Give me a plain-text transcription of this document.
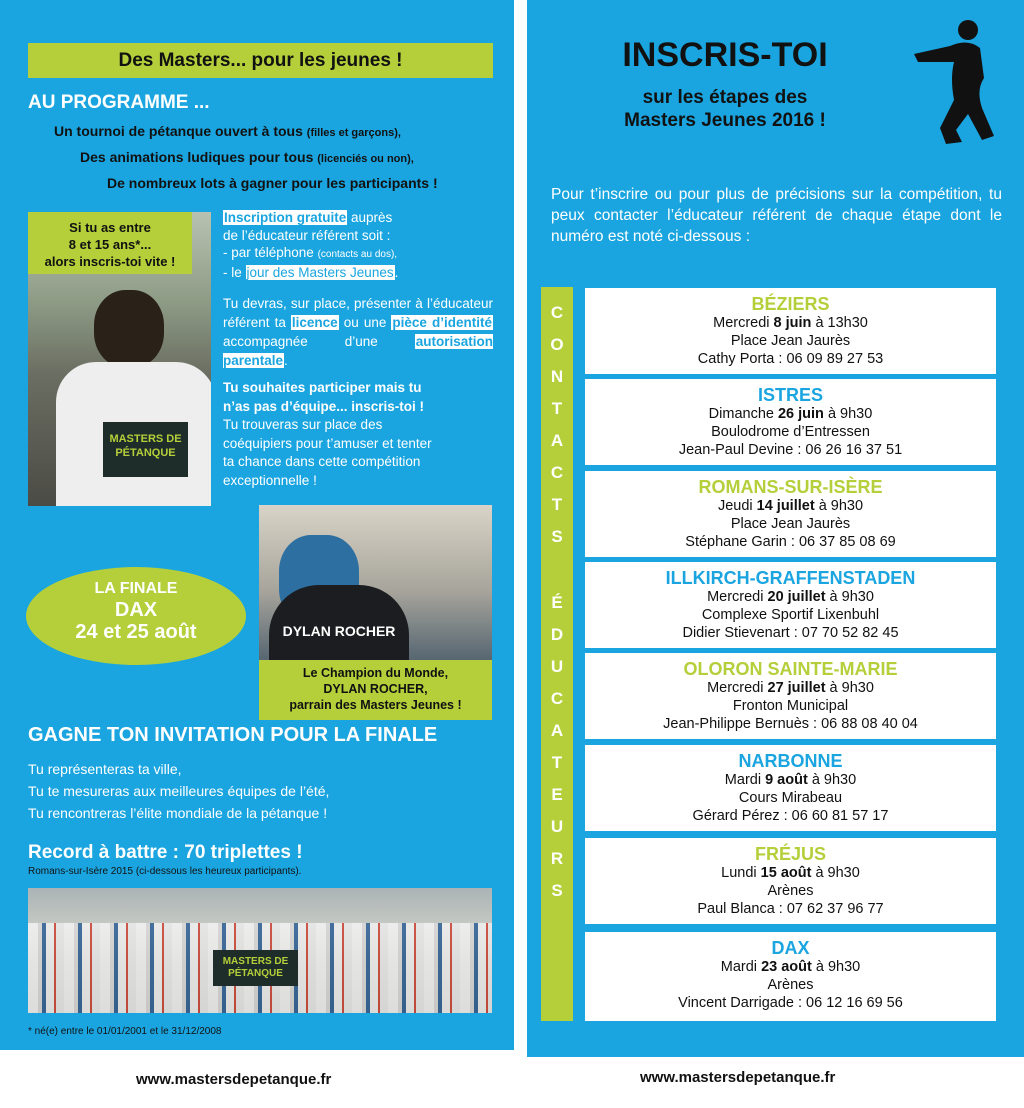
Des Masters... pour les jeunes !
AU PROGRAMME ...
Un tournoi de pétanque ouvert à tous (filles et garçons),
Des animations ludiques pour tous (licenciés ou non),
De nombreux lots à gagner pour les participants !
MASTERS DE PÉTANQUE
Si tu as entre
8 et 15 ans*...
alors inscris-toi vite !
Inscription gratuite auprès
de l’éducateur référent soit :
- par téléphone (contacts au dos),
- le jour des Masters Jeunes.
Tu devras, sur place, présenter à l’éducateur référent ta licence ou une pièce d’identité accompagnée d’une autorisation parentale.
Tu souhaites participer mais tu n’as pas d’équipe... inscris-toi ! Tu trouveras sur place des coéquipiers pour t’amuser et tenter ta chance dans cette compétition exceptionnelle !
LA FINALE
DAX
24 et 25 août	DYLAN ROCHER
Le Champion du Monde,
DYLAN ROCHER,
parrain des Masters Jeunes !
GAGNE TON INVITATION POUR LA FINALE
Tu représenteras ta ville,
Tu te mesureras aux meilleures équipes de l’été,
Tu rencontreras l’élite mondiale de la pétanque !
Record à battre : 70 triplettes !
Romans-sur-Isère 2015 (ci-dessous les heureux participants).
MASTERS DE PÉTANQUE
* né(e) entre le 01/01/2001 et le 31/12/2008
www.mastersdepetanque.fr
INSCRIS-TOI
sur les étapes des
Masters Jeunes 2016 !
Pour t’inscrire ou pour plus de précisions sur la compétition, tu peux contacter l’éducateur référent de chaque étape dont le numéro est noté ci-dessous :
C
O
N
T
A
C
T
S
É
D
U
C
A
T
E
U
R
S
BÉZIERS
Mercredi 8 juin à 13h30
Place Jean Jaurès
Cathy Porta : 06 09 89 27 53
ISTRES
Dimanche 26 juin à 9h30
Boulodrome d’Entressen
Jean-Paul Devine : 06 26 16 37 51
ROMANS-SUR-ISÈRE
Jeudi 14 juillet à 9h30
Place Jean Jaurès
Stéphane Garin : 06 37 85 08 69
ILLKIRCH-GRAFFENSTADEN
Mercredi 20 juillet à 9h30
Complexe Sportif Lixenbuhl
Didier Stievenart : 07 70 52 82 45
OLORON SAINTE-MARIE
Mercredi 27 juillet à 9h30
Fronton Municipal
Jean-Philippe Bernuès : 06 88 08 40 04
NARBONNE
Mardi 9 août à 9h30
Cours Mirabeau
Gérard Pérez : 06 60 81 57 17
FRÉJUS
Lundi 15 août à 9h30
Arènes
Paul Blanca : 07 62 37 96 77
DAX
Mardi 23 août à 9h30
Arènes
Vincent Darrigade : 06 12 16 69 56
www.mastersdepetanque.fr
